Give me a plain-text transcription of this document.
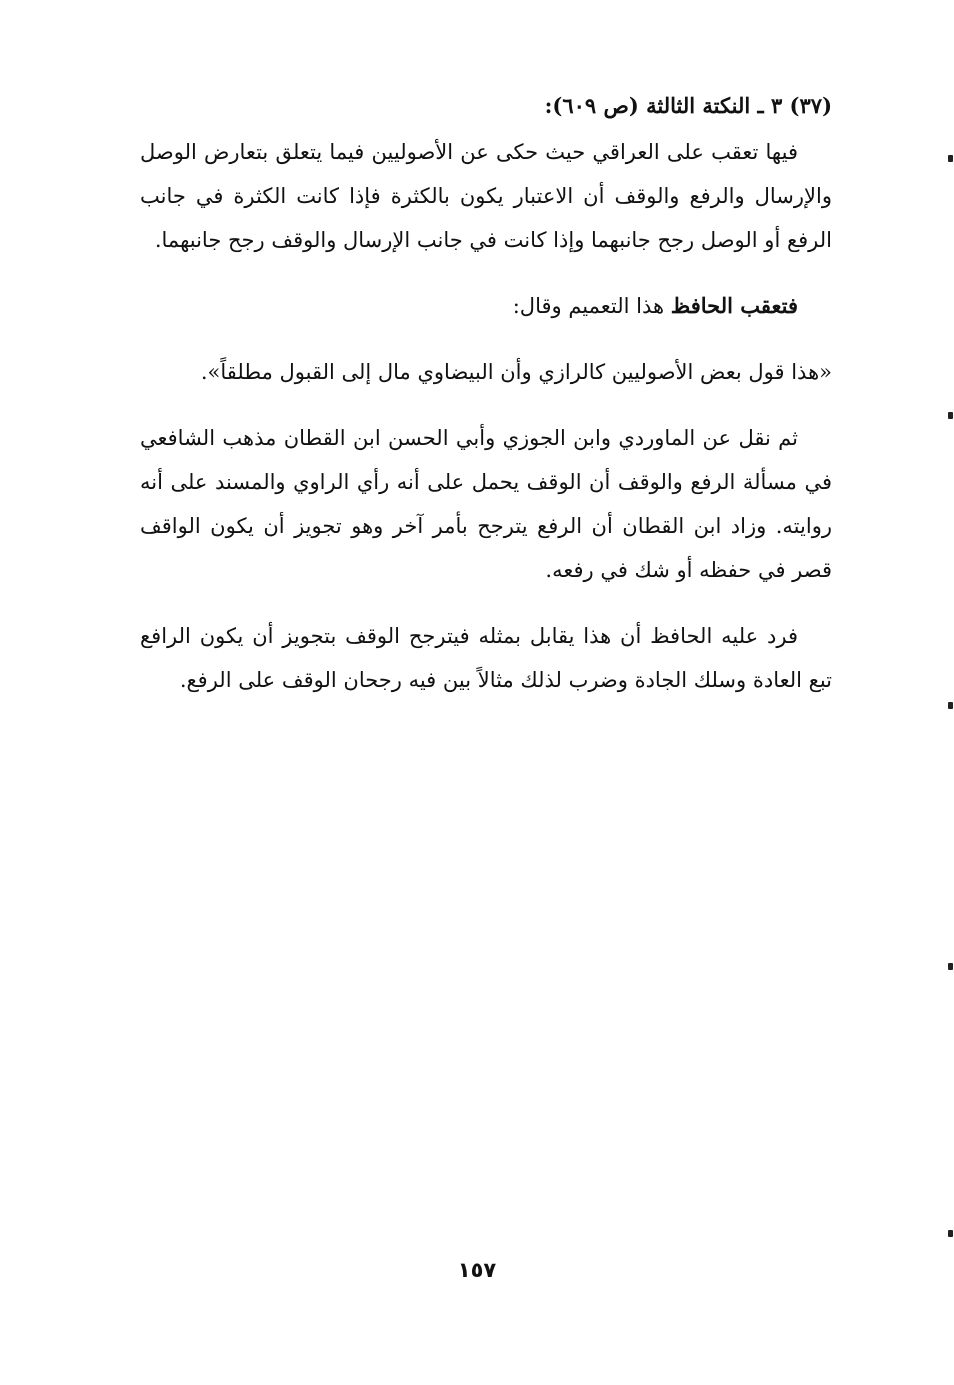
(٣٧) ٣ ـ النكتة الثالثة (ص ٦٠٩):

فيها تعقب على العراقي حيث حكى عن الأصوليين فيما يتعلق بتعارض الوصل والإرسال والرفع والوقف أن الاعتبار يكون بالكثرة فإذا كانت الكثرة في جانب الرفع أو الوصل رجح جانبهما وإذا كانت في جانب الإرسال والوقف رجح جانبهما.

فتعقب الحافظ هذا التعميم وقال:

«هذا قول بعض الأصوليين كالرازي وأن البيضاوي مال إلى القبول مطلقاً».

ثم نقل عن الماوردي وابن الجوزي وأبي الحسن ابن القطان مذهب الشافعي في مسألة الرفع والوقف أن الوقف يحمل على أنه رأي الراوي والمسند على أنه روايته. وزاد ابن القطان أن الرفع يترجح بأمر آخر وهو تجويز أن يكون الواقف قصر في حفظه أو شك في رفعه.

فرد عليه الحافظ أن هذا يقابل بمثله فيترجح الوقف بتجويز أن يكون الرافع تبع العادة وسلك الجادة وضرب لذلك مثالاً بين فيه رجحان الوقف على الرفع.

١٥٧
